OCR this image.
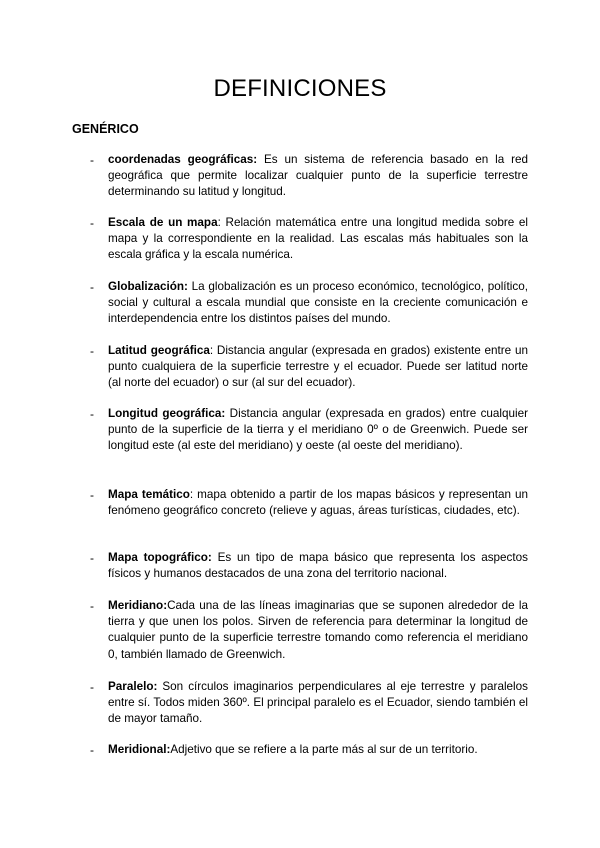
DEFINICIONES
GENÉRICO
- coordenadas geográficas: Es un sistema de referencia basado en la red geográfica que permite localizar cualquier punto de la superficie terrestre determinando su latitud y longitud.
- Escala de un mapa: Relación matemática entre una longitud medida sobre el mapa y la correspondiente en la realidad. Las escalas más habituales son la escala gráfica y la escala numérica.
- Globalización: La globalización es un proceso económico, tecnológico, político, social y cultural a escala mundial que consiste en la creciente comunicación e interdependencia entre los distintos países del mundo.
- Latitud geográfica: Distancia angular (expresada en grados) existente entre un punto cualquiera de la superficie terrestre y el ecuador. Puede ser latitud norte (al norte del ecuador) o sur (al sur del ecuador).
- Longitud geográfica: Distancia angular (expresada en grados) entre cualquier punto de la superficie de la tierra y el meridiano 0º o de Greenwich. Puede ser longitud este (al este del meridiano) y oeste (al oeste del meridiano).
- Mapa temático: mapa obtenido a partir de los mapas básicos y representan un fenómeno geográfico concreto (relieve y aguas, áreas turísticas, ciudades, etc).
- Mapa topográfico: Es un tipo de mapa básico que representa los aspectos físicos y humanos destacados de una zona del territorio nacional.
- Meridiano:Cada una de las líneas imaginarias que se suponen alrededor de la tierra y que unen los polos. Sirven de referencia para determinar la longitud de cualquier punto de la superficie terrestre tomando como referencia el meridiano 0, también llamado de Greenwich.
- Paralelo: Son círculos imaginarios perpendiculares al eje terrestre y paralelos entre sí. Todos miden 360º. El principal paralelo es el Ecuador, siendo también el de mayor tamaño.
- Meridional:Adjetivo que se refiere a la parte más al sur de un territorio.
